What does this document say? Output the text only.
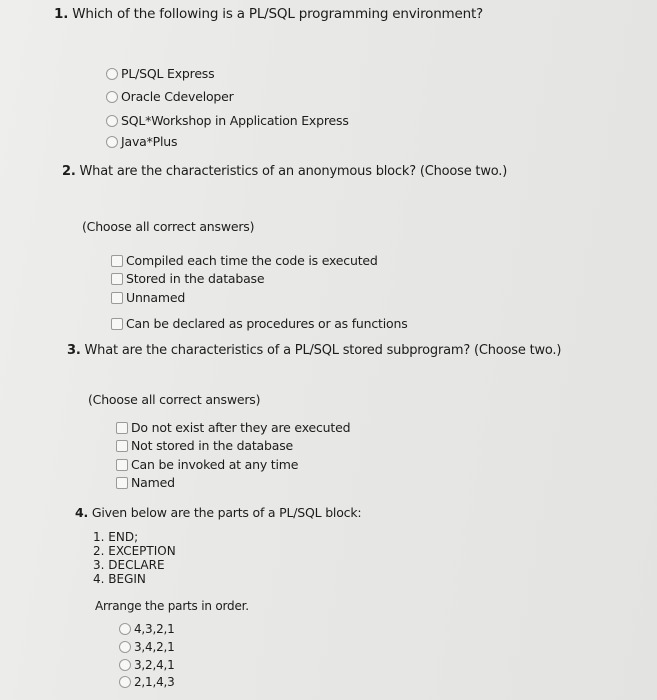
1. Which of the following is a PL/SQL programming environment?
PL/SQL Express
Oracle Cdeveloper
SQL*Workshop in Application Express
Java*Plus
2. What are the characteristics of an anonymous block? (Choose two.)
(Choose all correct answers)
Compiled each time the code is executed
Stored in the database
Unnamed
Can be declared as procedures or as functions
3. What are the characteristics of a PL/SQL stored subprogram? (Choose two.)
(Choose all correct answers)
Do not exist after they are executed
Not stored in the database
Can be invoked at any time
Named
4. Given below are the parts of a PL/SQL block:
1. END;
2. EXCEPTION
3. DECLARE
4. BEGIN
Arrange the parts in order.
4,3,2,1
3,4,2,1
3,2,4,1
2,1,4,3
